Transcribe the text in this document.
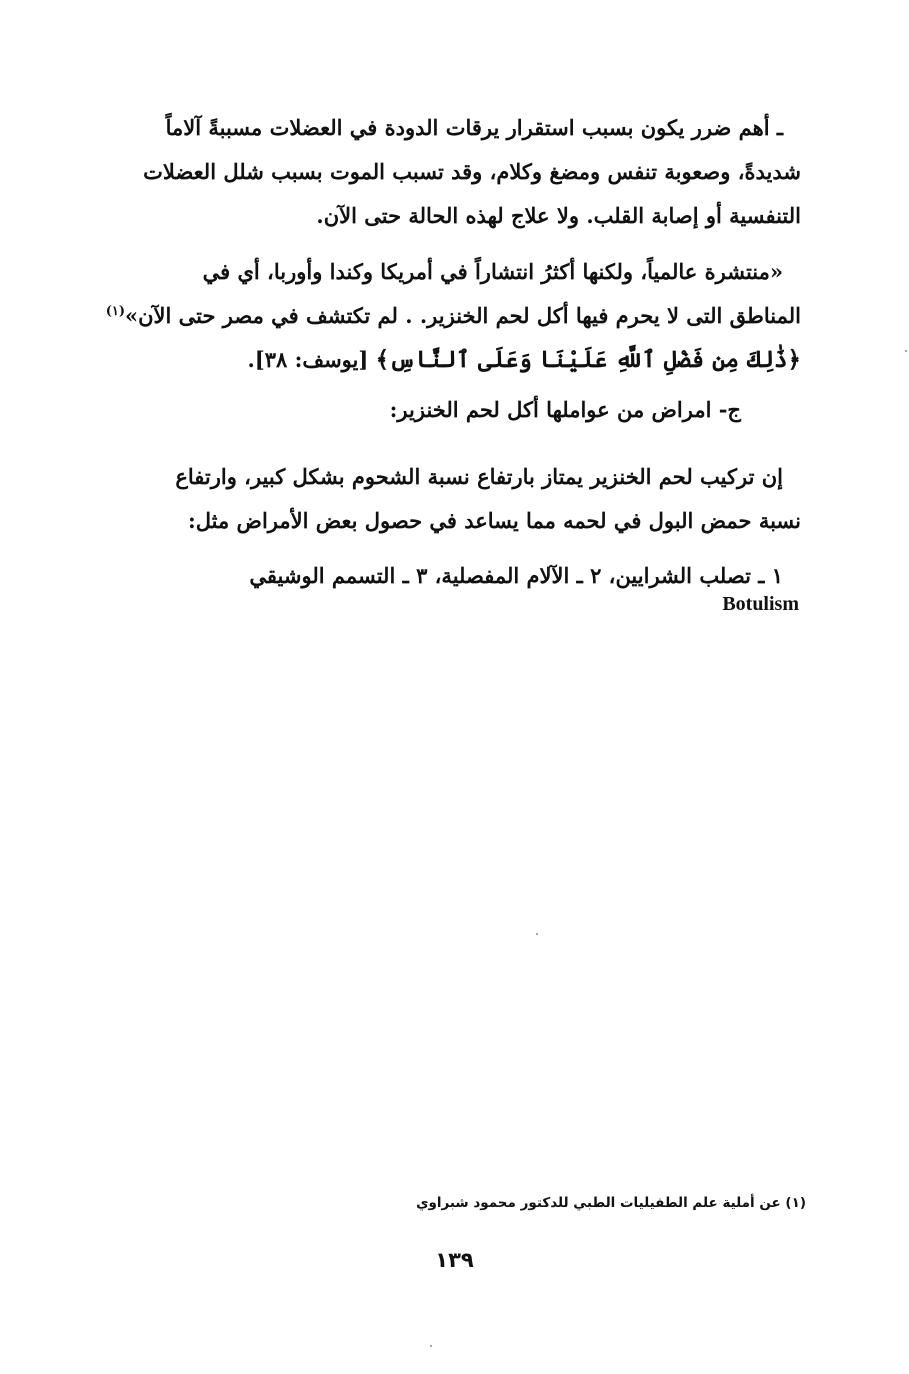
ـ أهم ضرر يكون بسبب استقرار يرقات الدودة في العضلات مسببةً آلاماً
شديدةً، وصعوبة تنفس ومضغ وكلام، وقد تسبب الموت بسبب شلل العضلات
التنفسية أو إصابة القلب. ولا علاج لهذه الحالة حتى الآن.
«منتشرة عالمياً، ولكنها أكثرُ انتشاراً في أمريكا وكندا وأوربا، أي في
المناطق التى لا يحرم فيها أكل لحم الخنزير. . لم تكتشف في مصر حتى الآن»$^{(١)}$
﴿ذَٰلِكَ مِن فَضْلِ ٱللَّهِ عَلَيْنَا وَعَلَى ٱلنَّاسِ﴾ [يوسف: ٣٨].
ج- امراض من عواملها أكل لحم الخنزير:
إن تركيب لحم الخنزير يمتاز بارتفاع نسبة الشحوم بشكل كبير، وارتفاع
نسبة حمض البول في لحمه مما يساعد في حصول بعض الأمراض مثل:
١ ـ تصلب الشرايين، ٢ ـ الآلام المفصلية، ٣ ـ التسمم الوشيقي
Botulism
(١) عن أملية علم الطفيليات الطبي للدكتور محمود شبراوي
١٣٩
